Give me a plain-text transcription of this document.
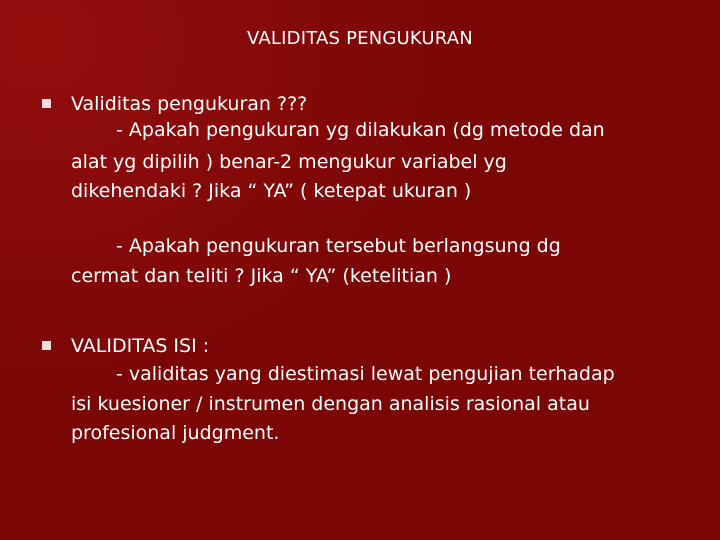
VALIDITAS PENGUKURAN
Validitas pengukuran ???
- Apakah pengukuran yg dilakukan (dg metode dan
alat yg dipilih ) benar-2 mengukur variabel yg
dikehendaki ? Jika “ YA” ( ketepat ukuran )
- Apakah pengukuran tersebut berlangsung dg
cermat dan teliti ? Jika “ YA” (ketelitian )
VALIDITAS ISI :
- validitas yang diestimasi lewat pengujian terhadap
isi kuesioner / instrumen dengan analisis rasional atau
profesional judgment.
